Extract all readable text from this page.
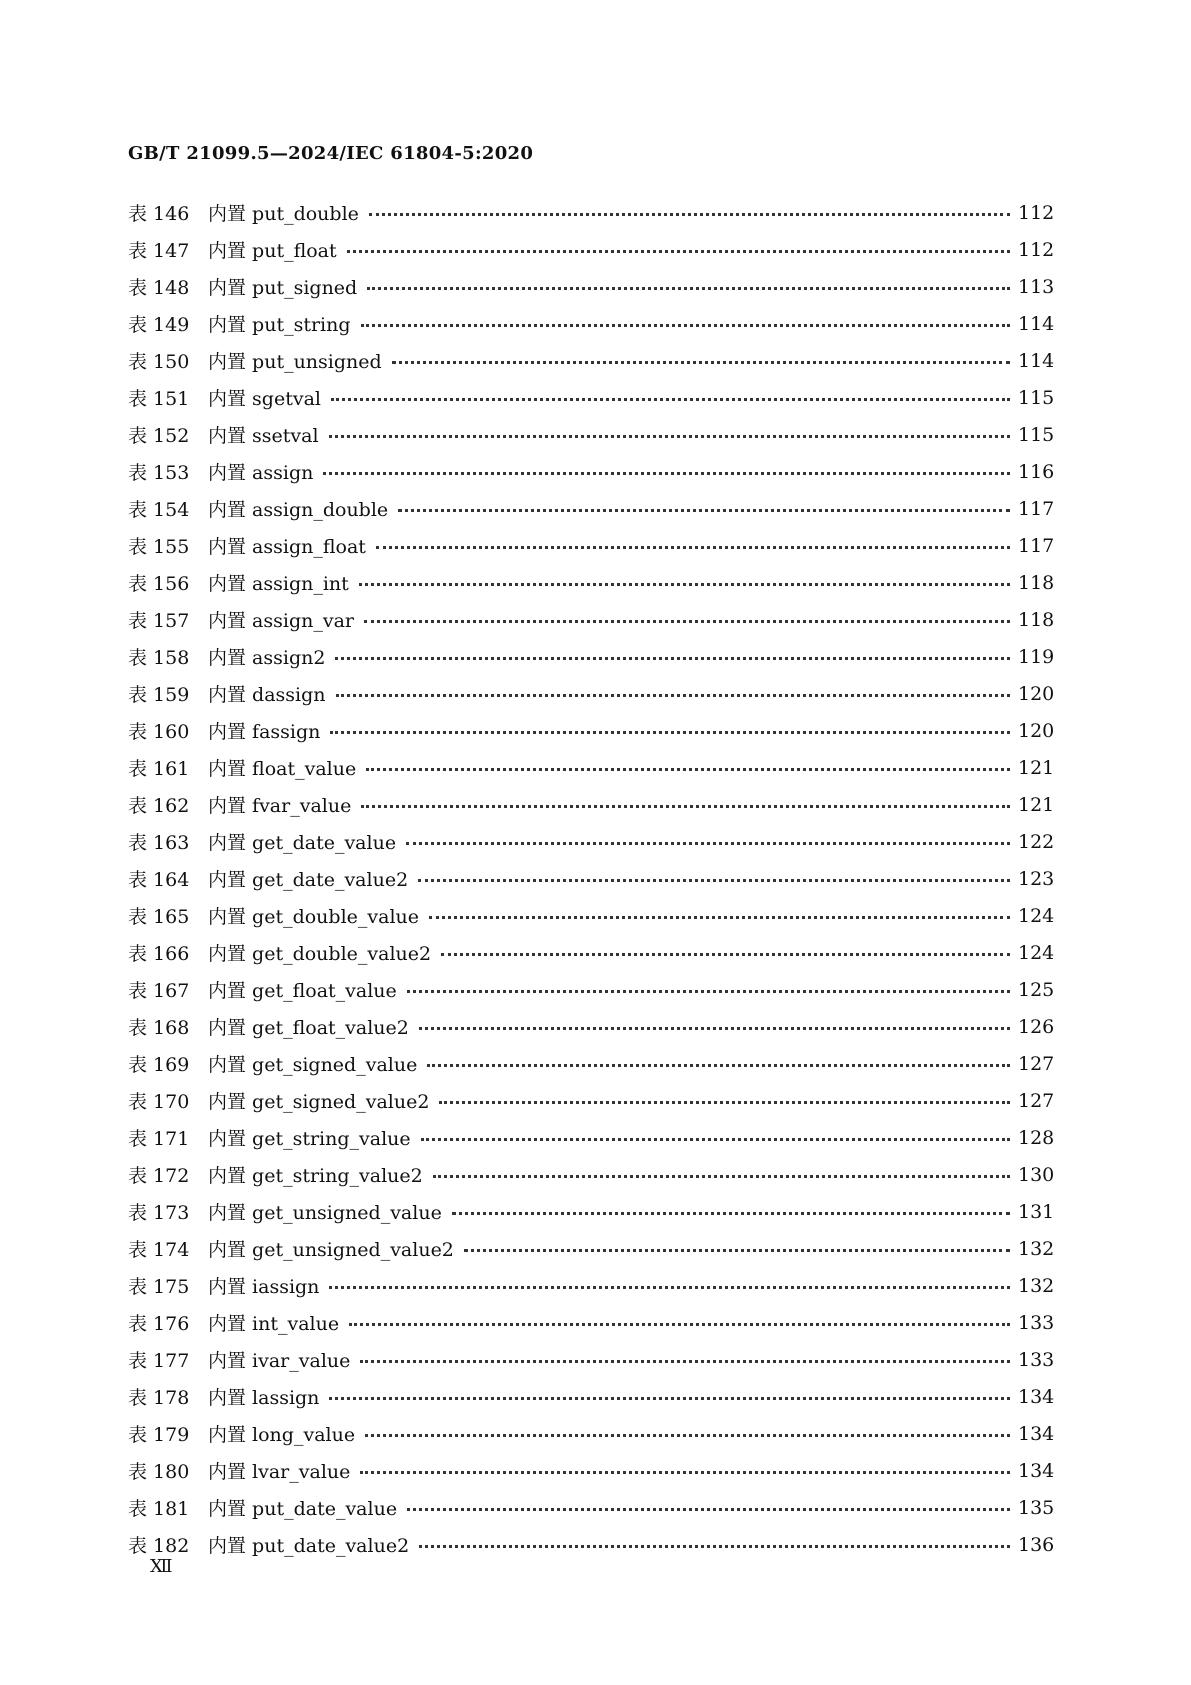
GB/T 21099.5—2024/IEC 61804-5:2020
表 146 内置 put_double	112
表 147 内置 put_float	112
表 148 内置 put_signed	113
表 149 内置 put_string	114
表 150 内置 put_unsigned	114
表 151 内置 sgetval	115
表 152 内置 ssetval	115
表 153 内置 assign	116
表 154 内置 assign_double	117
表 155 内置 assign_float	117
表 156 内置 assign_int	118
表 157 内置 assign_var	118
表 158 内置 assign2	119
表 159 内置 dassign	120
表 160 内置 fassign	120
表 161 内置 float_value	121
表 162 内置 fvar_value	121
表 163 内置 get_date_value	122
表 164 内置 get_date_value2	123
表 165 内置 get_double_value	124
表 166 内置 get_double_value2	124
表 167 内置 get_float_value	125
表 168 内置 get_float_value2	126
表 169 内置 get_signed_value	127
表 170 内置 get_signed_value2	127
表 171 内置 get_string_value	128
表 172 内置 get_string_value2	130
表 173 内置 get_unsigned_value	131
表 174 内置 get_unsigned_value2	132
表 175 内置 iassign	132
表 176 内置 int_value	133
表 177 内置 ivar_value	133
表 178 内置 lassign	134
表 179 内置 long_value	134
表 180 内置 lvar_value	134
表 181 内置 put_date_value	135
表 182 内置 put_date_value2	136
Ⅻ
